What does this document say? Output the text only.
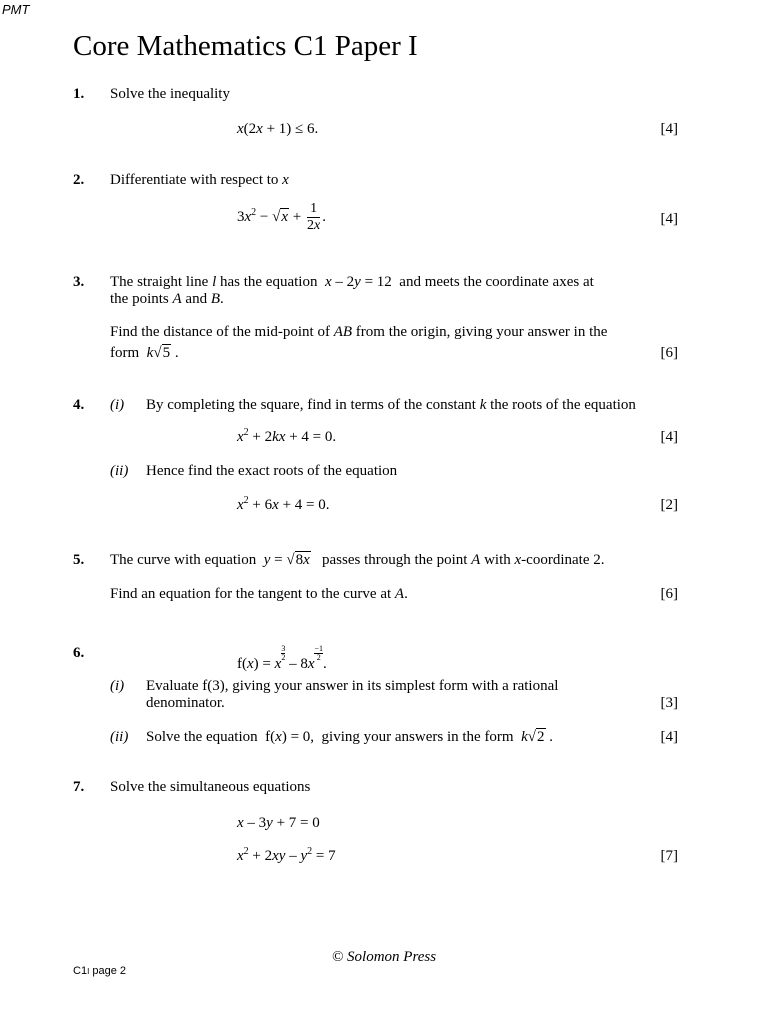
PMT
Core Mathematics C1 Paper I
1. Solve the inequality
x(2x + 1) ≤ 6.	[4]
2. Differentiate with respect to x
$3x^2 - √x + \frac{1}{2x}$ .	[4]
3. The straight line l has the equation x – 2y = 12  and meets the coordinate axes at
the points A and B.
Find the distance of the mid-point of AB from the origin, giving your answer in the
form k√5 .	[6]
4. (i) By completing the square, find in terms of the constant k the roots of the equation
$x^2 + 2kx + 4 = 0$.	[4]
(ii) Hence find the exact roots of the equation
$x^2 + 6x + 4 = 0$.	[2]
5. The curve with equation y = √8x passes through the point A with x-coordinate 2.
Find an equation for the tangent to the curve at A.	[6]
6.
f(x) = x
$\frac{3}{2}$
– 8x
$\frac{-1}{2}$
.
(i) Evaluate f(3), giving your answer in its simplest form with a rational
denominator.	[3]
(ii) Solve the equation  f(x) = 0,  giving your answers in the form k√2 .	[4]
7. Solve the simultaneous equations
x – 3y + 7 = 0
$x^2 + 2xy - y^2 = 7$	[7]
© Solomon Press
C1I page 2
